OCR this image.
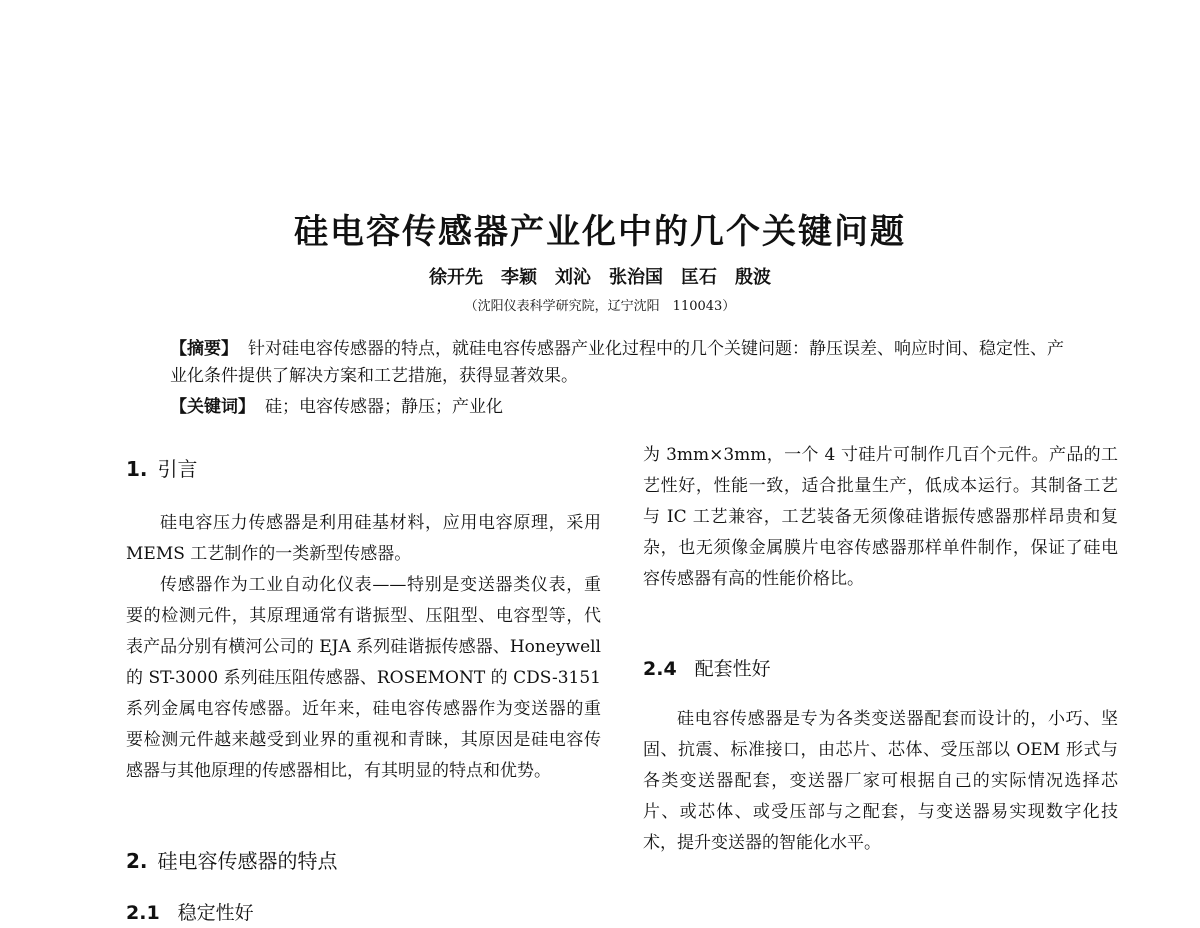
硅电容传感器产业化中的几个关键问题
徐开先　李颖　刘沁　张治国　匡石　殷波
（沈阳仪表科学研究院，辽宁沈阳　110043）
【摘要】 针对硅电容传感器的特点，就硅电容传感器产业化过程中的几个关键问题：静压误差、响应时间、稳定性、产业化条件提供了解决方案和工艺措施，获得显著效果。
【关键词】 硅；电容传感器；静压；产业化
1. 引言
硅电容压力传感器是利用硅基材料，应用电容原理，采用 MEMS 工艺制作的一类新型传感器。
传感器作为工业自动化仪表——特别是变送器类仪表，重要的检测元件，其原理通常有谐振型、压阻型、电容型等，代表产品分别有横河公司的 EJA 系列硅谐振传感器、Honeywell 的 ST-3000 系列硅压阻传感器、ROSEMONT 的 CDS-3151 系列金属电容传感器。近年来，硅电容传感器作为变送器的重要检测元件越来越受到业界的重视和青睐，其原因是硅电容传感器与其他原理的传感器相比，有其明显的特点和优势。
2. 硅电容传感器的特点
2.1 稳定性好
为 3mm×3mm，一个 4 寸硅片可制作几百个元件。产品的工艺性好，性能一致，适合批量生产，低成本运行。其制备工艺与 IC 工艺兼容，工艺装备无须像硅谐振传感器那样昂贵和复杂，也无须像金属膜片电容传感器那样单件制作，保证了硅电容传感器有高的性能价格比。
2.4 配套性好
硅电容传感器是专为各类变送器配套而设计的，小巧、坚固、抗震、标准接口，由芯片、芯体、受压部以 OEM 形式与各类变送器配套，变送器厂家可根据自己的实际情况选择芯片、或芯体、或受压部与之配套，与变送器易实现数字化技术，提升变送器的智能化水平。
